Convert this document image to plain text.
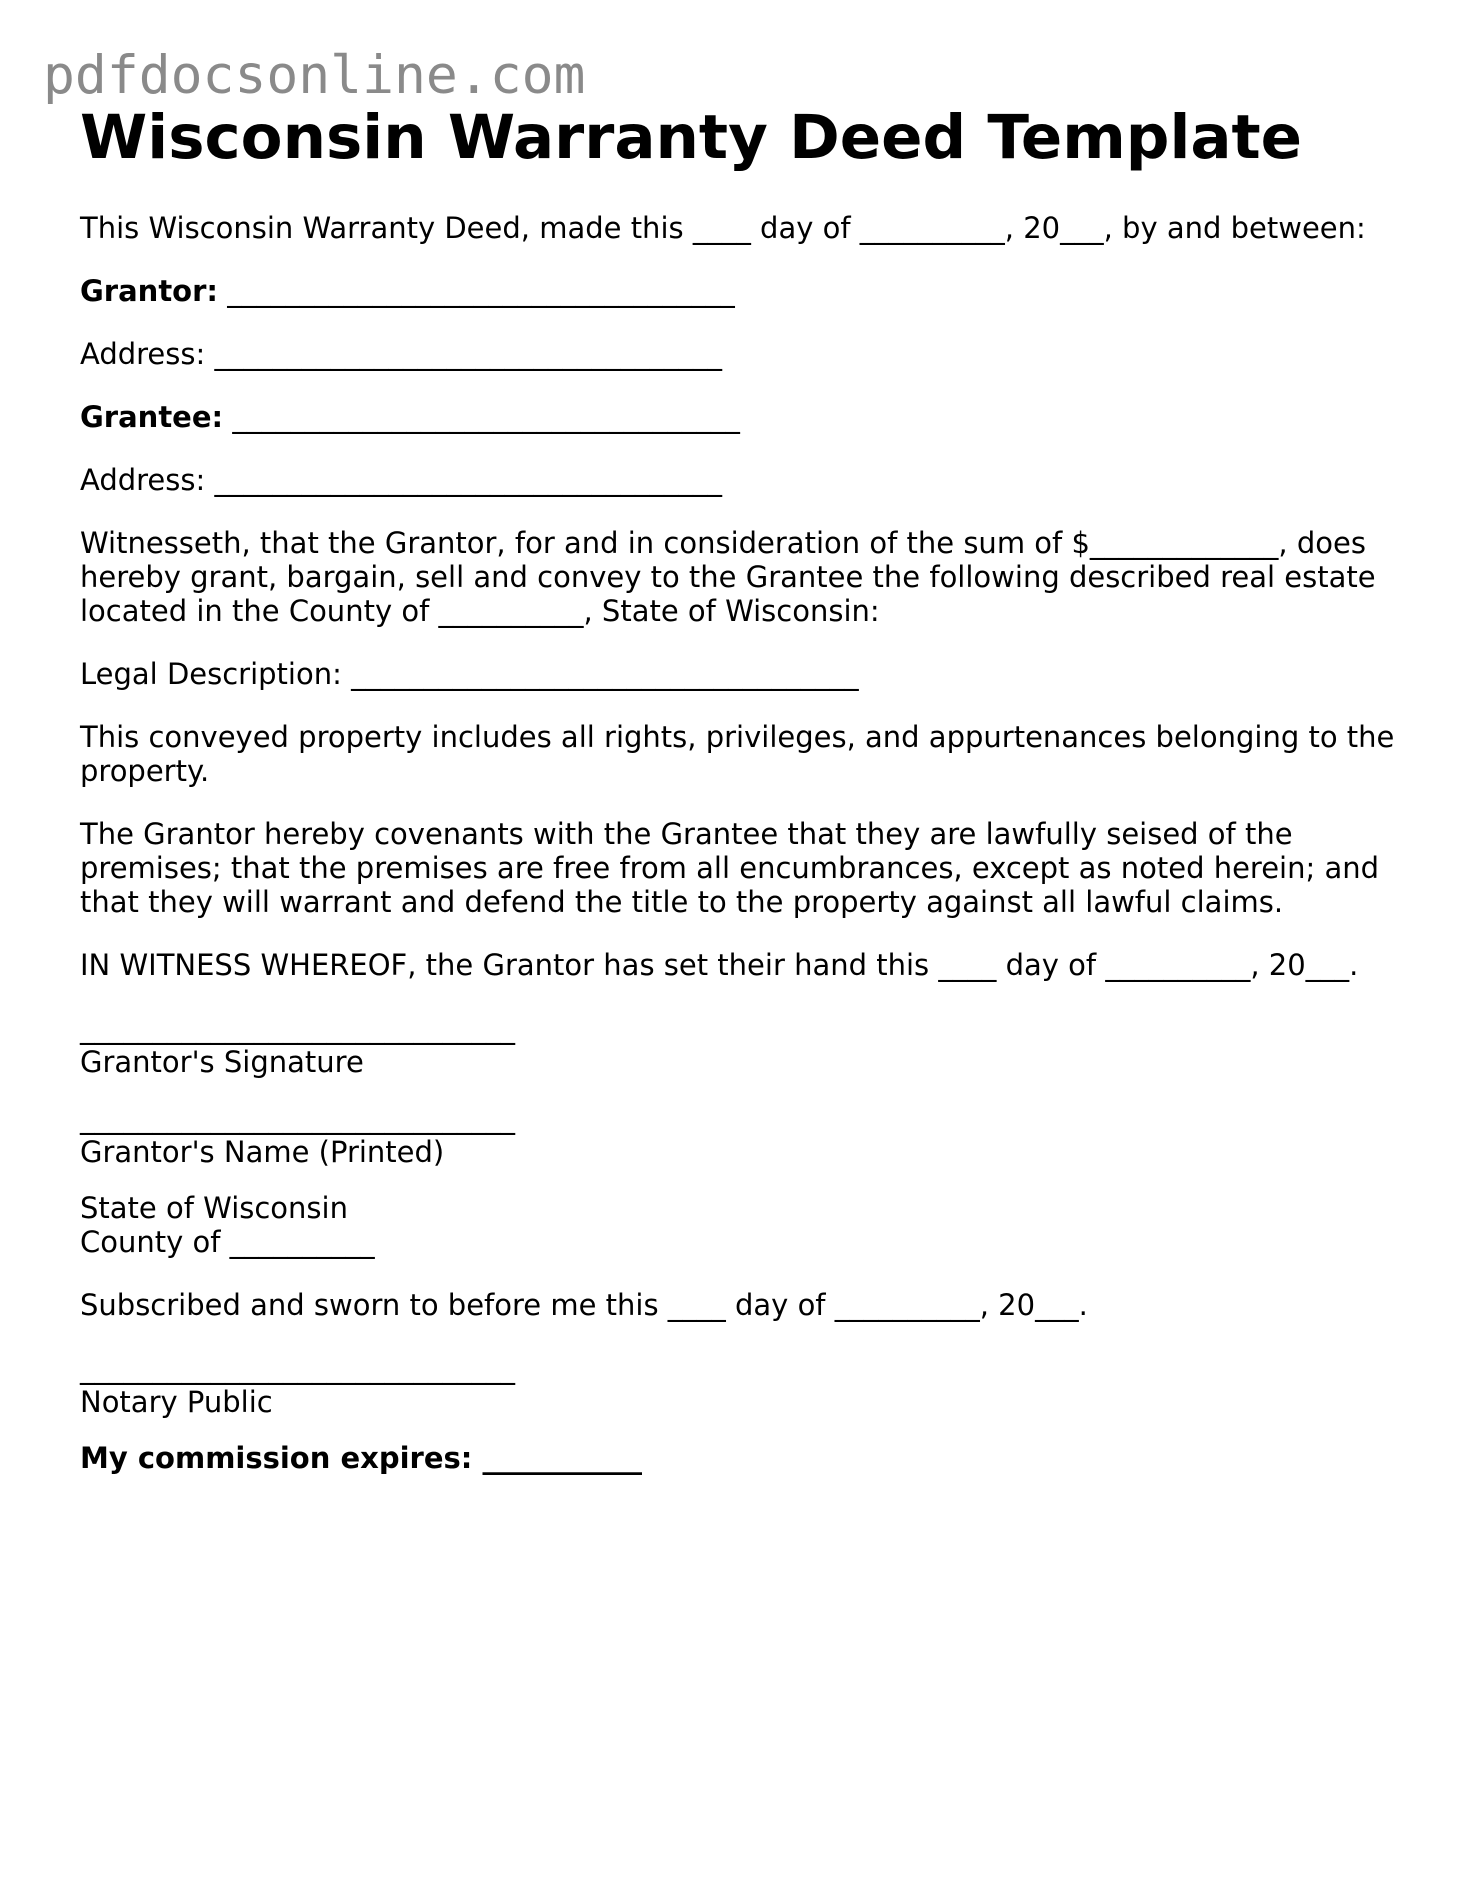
pdfdocsonline.com
Wisconsin Warranty Deed Template

This Wisconsin Warranty Deed, made this ____ day of __________, 20___, by and between:

Grantor: ___________________________________

Address: ___________________________________

Grantee: ___________________________________

Address: ___________________________________

Witnesseth, that the Grantor, for and in consideration of the sum of $_____________, does
hereby grant, bargain, sell and convey to the Grantee the following described real estate
located in the County of __________, State of Wisconsin:

Legal Description: ___________________________________

This conveyed property includes all rights, privileges, and appurtenances belonging to the
property.

The Grantor hereby covenants with the Grantee that they are lawfully seised of the
premises; that the premises are free from all encumbrances, except as noted herein; and
that they will warrant and defend the title to the property against all lawful claims.

IN WITNESS WHEREOF, the Grantor has set their hand this ____ day of __________, 20___.

______________________________
Grantor's Signature
______________________________
Grantor's Name (Printed)

State of Wisconsin
County of __________

Subscribed and sworn to before me this ____ day of __________, 20___.

______________________________
Notary Public

My commission expires: ___________
